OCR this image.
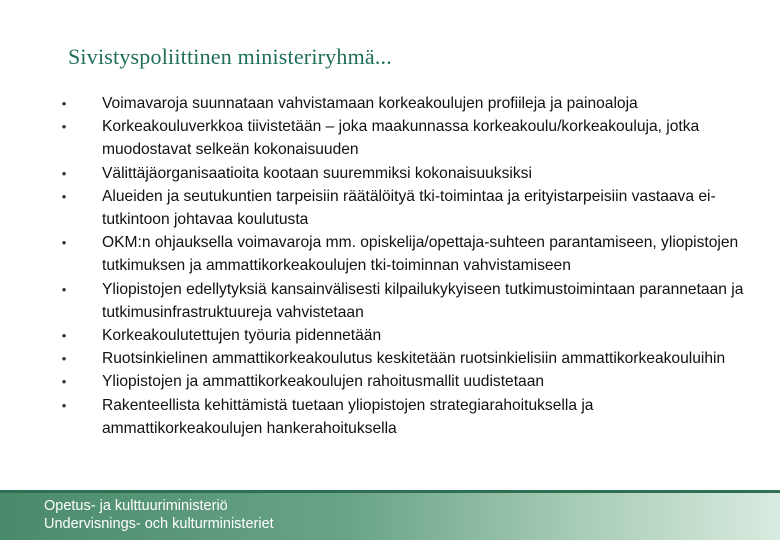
Sivistyspoliittinen ministeriryhmä...
• Voimavaroja suunnataan vahvistamaan korkeakoulujen profiileja ja painoaloja
• Korkeakouluverkkoa tiivistetään – joka maakunnassa korkeakoulu/korkeakouluja, jotka muodostavat selkeän kokonaisuuden
• Välittäjäorganisaatioita kootaan suuremmiksi kokonaisuuksiksi
• Alueiden ja seutukuntien tarpeisiin räätälöityä tki-toimintaa ja erityistarpeisiin vastaava ei-tutkintoon johtavaa koulutusta
• OKM:n ohjauksella voimavaroja mm. opiskelija/opettaja-suhteen parantamiseen, yliopistojen tutkimuksen ja ammattikorkeakoulujen tki-toiminnan vahvistamiseen
• Yliopistojen edellytyksiä kansainvälisesti kilpailukykyiseen tutkimustoimintaan parannetaan ja tutkimusinfrastruktuureja vahvistetaan
• Korkeakoulutettujen työuria pidennetään
• Ruotsinkielinen ammattikorkeakoulutus keskitetään ruotsinkielisiin ammattikorkeakouluihin
• Yliopistojen ja ammattikorkeakoulujen rahoitusmallit uudistetaan
• Rakenteellista kehittämistä tuetaan yliopistojen strategiarahoituksella ja ammattikorkeakoulujen hankerahoituksella
Opetus- ja kulttuuriministeriö
Undervisnings- och kulturministeriet
